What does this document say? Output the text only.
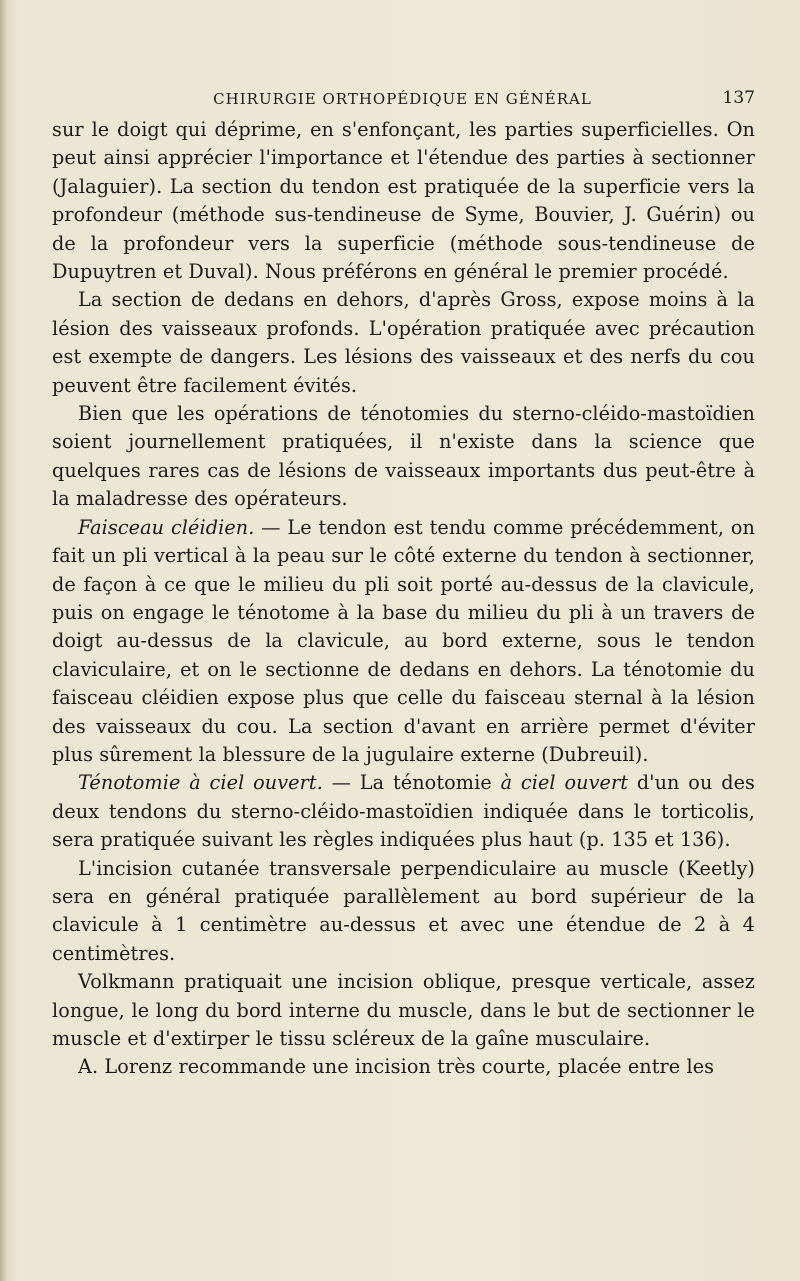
CHIRURGIE ORTHOPÉDIQUE EN GÉNÉRAL	137

sur le doigt qui déprime, en s'enfonçant, les parties superficielles. On peut ainsi apprécier l'importance et l'étendue des parties à sectionner (Jalaguier). La section du tendon est pratiquée de la superficie vers la profondeur (méthode sus-tendineuse de Syme, Bouvier, J. Guérin) ou de la profondeur vers la superficie (méthode sous-tendineuse de Dupuytren et Duval). Nous préférons en général le premier procédé.

La section de dedans en dehors, d'après Gross, expose moins à la lésion des vaisseaux profonds. L'opération pratiquée avec précaution est exempte de dangers. Les lésions des vaisseaux et des nerfs du cou peuvent être facilement évités.

Bien que les opérations de ténotomies du sterno-cléido-mastoïdien soient journellement pratiquées, il n'existe dans la science que quelques rares cas de lésions de vaisseaux importants dus peut-être à la maladresse des opérateurs.

Faisceau cléidien. — Le tendon est tendu comme précédemment, on fait un pli vertical à la peau sur le côté externe du tendon à sectionner, de façon à ce que le milieu du pli soit porté au-dessus de la clavicule, puis on engage le ténotome à la base du milieu du pli à un travers de doigt au-dessus de la clavicule, au bord externe, sous le tendon claviculaire, et on le sectionne de dedans en dehors. La ténotomie du faisceau cléidien expose plus que celle du faisceau sternal à la lésion des vaisseaux du cou. La section d'avant en arrière permet d'éviter plus sûrement la blessure de la jugulaire externe (Dubreuil).

Ténotomie à ciel ouvert. — La ténotomie à ciel ouvert d'un ou des deux tendons du sterno-cléido-mastoïdien indiquée dans le torticolis, sera pratiquée suivant les règles indiquées plus haut (p. 135 et 136).

L'incision cutanée transversale perpendiculaire au muscle (Keetly) sera en général pratiquée parallèlement au bord supérieur de la clavicule à 1 centimètre au-dessus et avec une étendue de 2 à 4 centimètres.

Volkmann pratiquait une incision oblique, presque verticale, assez longue, le long du bord interne du muscle, dans le but de sectionner le muscle et d'extirper le tissu scléreux de la gaîne musculaire.

A. Lorenz recommande une incision très courte, placée entre les
